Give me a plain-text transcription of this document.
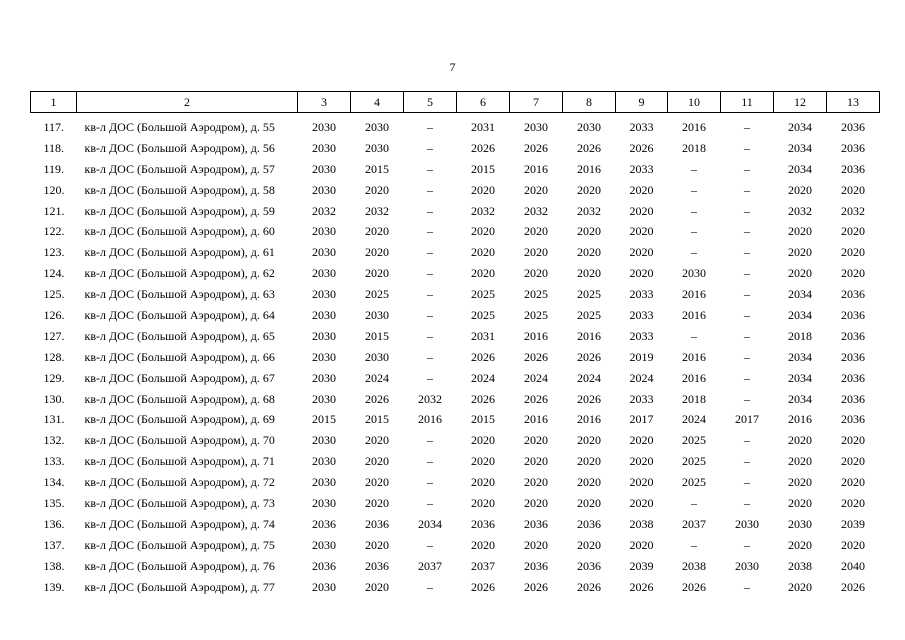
7
1	2	3	4	5	6	7	8	9	10	11	12	13
117.	кв-л ДОС (Большой Аэродром), д. 55	2030	2030	–	2031	2030	2030	2033	2016	–	2034	2036
118.	кв-л ДОС (Большой Аэродром), д. 56	2030	2030	–	2026	2026	2026	2026	2018	–	2034	2036
119.	кв-л ДОС (Большой Аэродром), д. 57	2030	2015	–	2015	2016	2016	2033	–	–	2034	2036
120.	кв-л ДОС (Большой Аэродром), д. 58	2030	2020	–	2020	2020	2020	2020	–	–	2020	2020
121.	кв-л ДОС (Большой Аэродром), д. 59	2032	2032	–	2032	2032	2032	2020	–	–	2032	2032
122.	кв-л ДОС (Большой Аэродром), д. 60	2030	2020	–	2020	2020	2020	2020	–	–	2020	2020
123.	кв-л ДОС (Большой Аэродром), д. 61	2030	2020	–	2020	2020	2020	2020	–	–	2020	2020
124.	кв-л ДОС (Большой Аэродром), д. 62	2030	2020	–	2020	2020	2020	2020	2030	–	2020	2020
125.	кв-л ДОС (Большой Аэродром), д. 63	2030	2025	–	2025	2025	2025	2033	2016	–	2034	2036
126.	кв-л ДОС (Большой Аэродром), д. 64	2030	2030	–	2025	2025	2025	2033	2016	–	2034	2036
127.	кв-л ДОС (Большой Аэродром), д. 65	2030	2015	–	2031	2016	2016	2033	–	–	2018	2036
128.	кв-л ДОС (Большой Аэродром), д. 66	2030	2030	–	2026	2026	2026	2019	2016	–	2034	2036
129.	кв-л ДОС (Большой Аэродром), д. 67	2030	2024	–	2024	2024	2024	2024	2016	–	2034	2036
130.	кв-л ДОС (Большой Аэродром), д. 68	2030	2026	2032	2026	2026	2026	2033	2018	–	2034	2036
131.	кв-л ДОС (Большой Аэродром), д. 69	2015	2015	2016	2015	2016	2016	2017	2024	2017	2016	2036
132.	кв-л ДОС (Большой Аэродром), д. 70	2030	2020	–	2020	2020	2020	2020	2025	–	2020	2020
133.	кв-л ДОС (Большой Аэродром), д. 71	2030	2020	–	2020	2020	2020	2020	2025	–	2020	2020
134.	кв-л ДОС (Большой Аэродром), д. 72	2030	2020	–	2020	2020	2020	2020	2025	–	2020	2020
135.	кв-л ДОС (Большой Аэродром), д. 73	2030	2020	–	2020	2020	2020	2020	–	–	2020	2020
136.	кв-л ДОС (Большой Аэродром), д. 74	2036	2036	2034	2036	2036	2036	2038	2037	2030	2030	2039
137.	кв-л ДОС (Большой Аэродром), д. 75	2030	2020	–	2020	2020	2020	2020	–	–	2020	2020
138.	кв-л ДОС (Большой Аэродром), д. 76	2036	2036	2037	2037	2036	2036	2039	2038	2030	2038	2040
139.	кв-л ДОС (Большой Аэродром), д. 77	2030	2020	–	2026	2026	2026	2026	2026	–	2020	2026
